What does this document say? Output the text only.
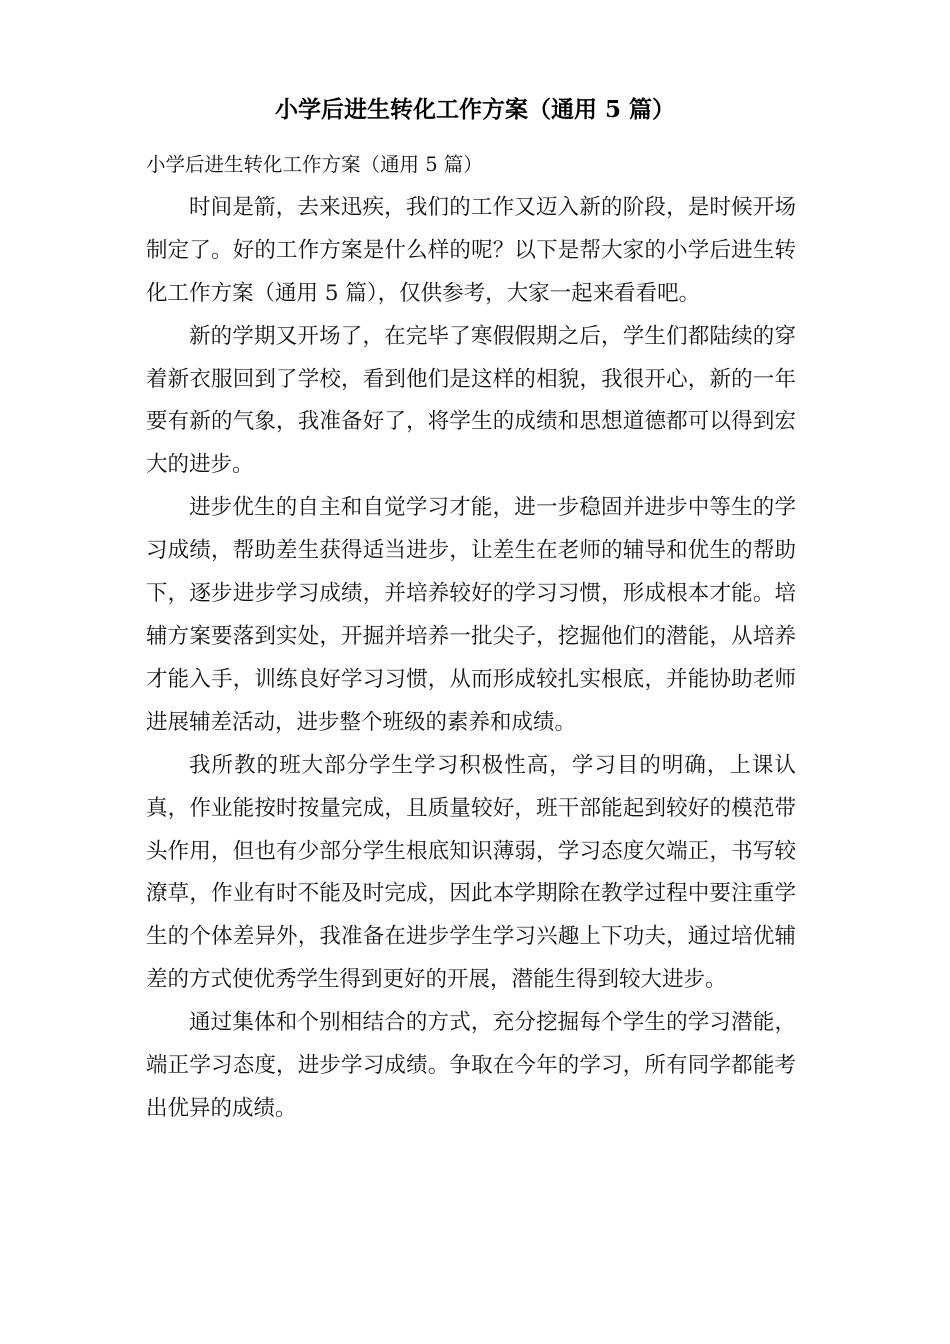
小学后进生转化工作方案（通用 5 篇）

小学后进生转化工作方案（通用 5 篇）

时间是箭，去来迅疾，我们的工作又迈入新的阶段，是时候开场制定了。好的工作方案是什么样的呢？以下是帮大家的小学后进生转化工作方案（通用 5 篇），仅供参考，大家一起来看看吧。

新的学期又开场了，在完毕了寒假假期之后，学生们都陆续的穿着新衣服回到了学校，看到他们是这样的相貌，我很开心，新的一年要有新的气象，我准备好了，将学生的成绩和思想道德都可以得到宏大的进步。

进步优生的自主和自觉学习才能，进一步稳固并进步中等生的学习成绩，帮助差生获得适当进步，让差生在老师的辅导和优生的帮助下，逐步进步学习成绩，并培养较好的学习习惯，形成根本才能。培辅方案要落到实处，开掘并培养一批尖子，挖掘他们的潜能，从培养才能入手，训练良好学习习惯，从而形成较扎实根底，并能协助老师进展辅差活动，进步整个班级的素养和成绩。

我所教的班大部分学生学习积极性高，学习目的明确，上课认真，作业能按时按量完成，且质量较好，班干部能起到较好的模范带头作用，但也有少部分学生根底知识薄弱，学习态度欠端正，书写较潦草，作业有时不能及时完成，因此本学期除在教学过程中要注重学生的个体差异外，我准备在进步学生学习兴趣上下功夫，通过培优辅差的方式使优秀学生得到更好的开展，潜能生得到较大进步。

通过集体和个别相结合的方式，充分挖掘每个学生的学习潜能，端正学习态度，进步学习成绩。争取在今年的学习，所有同学都能考出优异的成绩。
